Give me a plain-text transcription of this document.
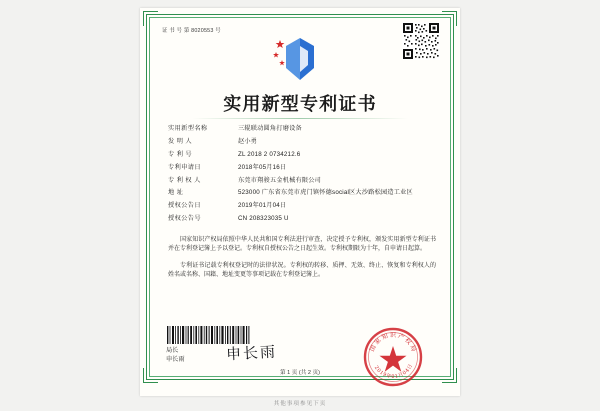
证 书 号 第 8020553 号
实用新型专利证书
实用新型名称	三辊联动圆角打磨设备
发 明 人	赵小勇
专 利 号	ZL 2018 2 0734212.6
专利申请日	2018年05月16日
专 利 权 人	东莞市翔骏五金机械有限公司
地 址	523000 广东省东莞市虎门镇怀德social区大沙路松园造工业区
授权公告日	2019年01月04日
授权公告号	CN 208323035 U

国家知识产权局依照中华人民共和国专利法进行审查，决定授予专利权，颁发实用新型专利证书并在专利登记簿上予以登记。专利权自授权公告之日起生效。专利权期限为十年，自申请日起算。

专利证书记载专利权登记时的法律状况。专利权的转移、质押、无效、终止、恢复和专利权人的姓名或名称、国籍、地址变更等事项记载在专利登记簿上。

局长
申长雨	申长雨	国家知识产权局
2019年01月04日
第 1 页 (共 2 页)
其他事项参见下页
